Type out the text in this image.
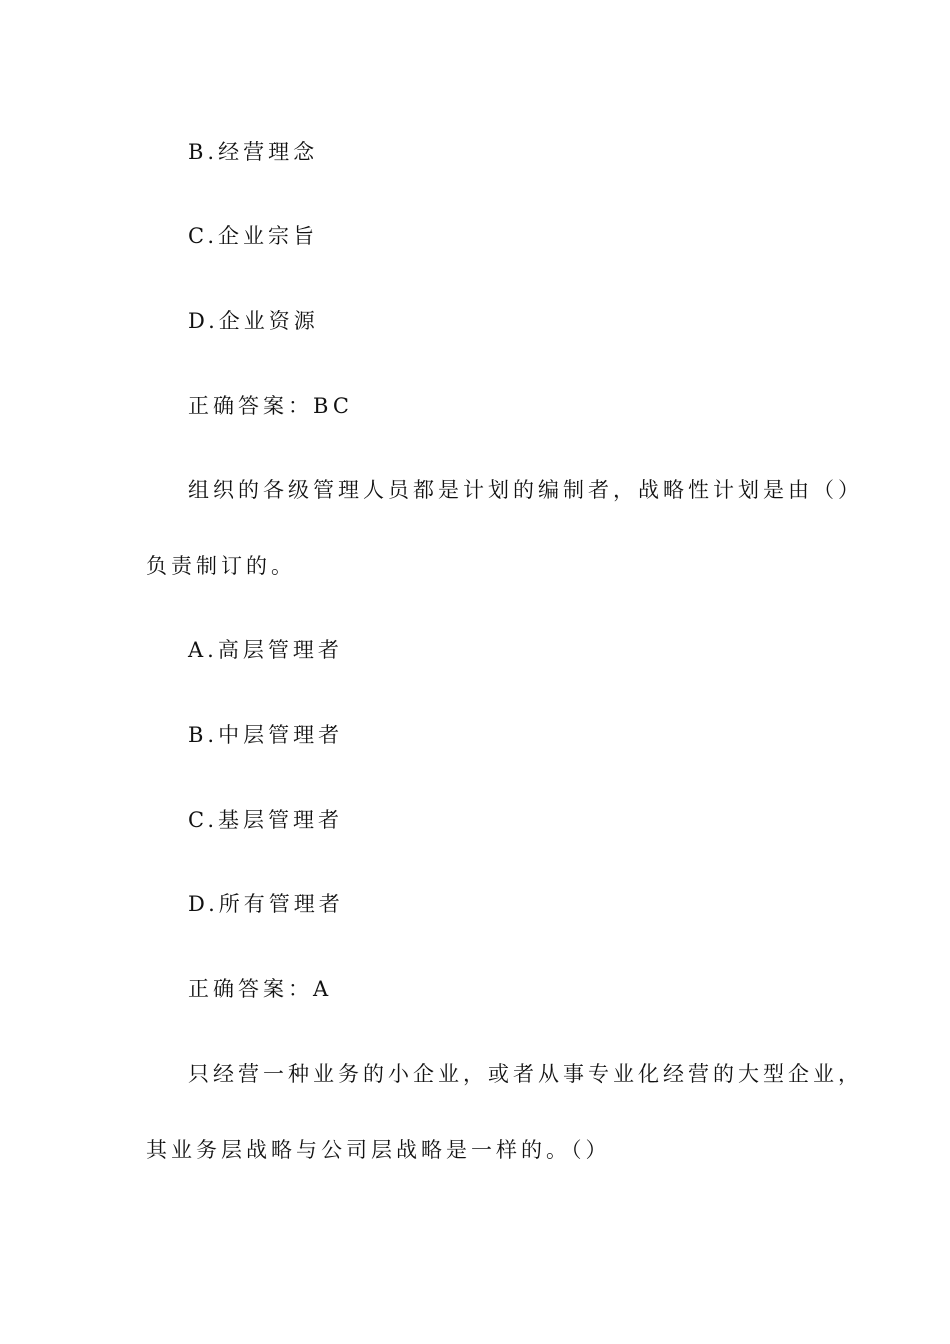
B.经营理念
C.企业宗旨
D.企业资源
正确答案：BC
组织的各级管理人员都是计划的编制者，战略性计划是由（）
负责制订的。
A.高层管理者
B.中层管理者
C.基层管理者
D.所有管理者
正确答案：A
只经营一种业务的小企业，或者从事专业化经营的大型企业，
其业务层战略与公司层战略是一样的。（）
